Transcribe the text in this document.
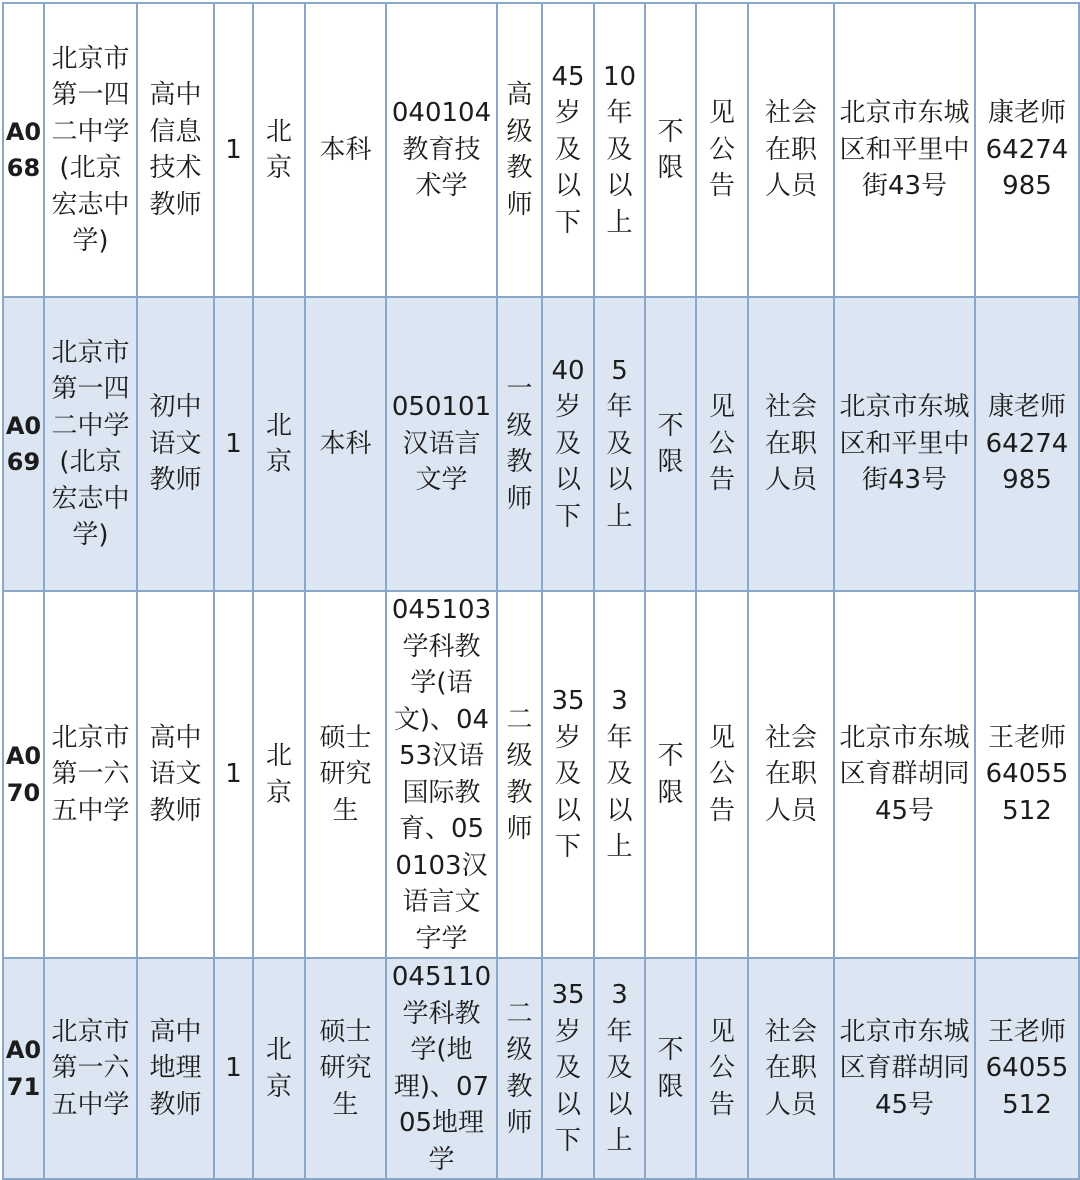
A068	北京市第一四二中学(北京宏志中学)	高中信息技术教师	1	北京	本科	040104教育技术学	高级教师	45岁及以下	10年及以上	不限	见公告	社会在职人员	北京市东城区和平里中街43号	康老师64274985
A069	北京市第一四二中学(北京宏志中学)	初中语文教师	1	北京	本科	050101汉语言文学	一级教师	40岁及以下	5年及以上	不限	见公告	社会在职人员	北京市东城区和平里中街43号	康老师64274985
A070	北京市第一六五中学	高中语文教师	1	北京	硕士研究生	045103学科教学(语文)、0453汉语国际教育、050103汉语言文字学	二级教师	35岁及以下	3年及以上	不限	见公告	社会在职人员	北京市东城区育群胡同45号	王老师64055512
A071	北京市第一六五中学	高中地理教师	1	北京	硕士研究生	045110学科教学(地理)、0705地理学	二级教师	35岁及以下	3年及以上	不限	见公告	社会在职人员	北京市东城区育群胡同45号	王老师64055512
